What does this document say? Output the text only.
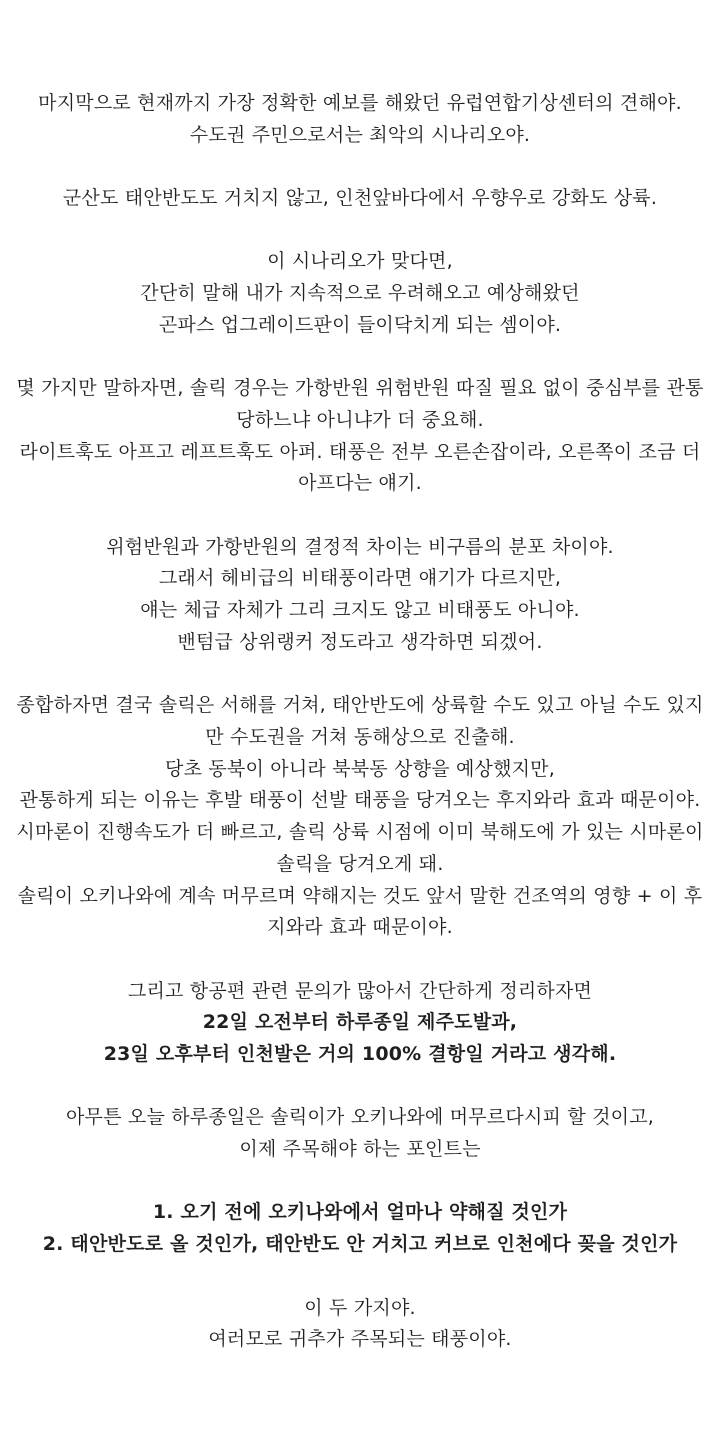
마지막으로 현재까지 가장 정확한 예보를 해왔던 유럽연합기상센터의 견해야.
수도권 주민으로서는 최악의 시나리오야.
군산도 태안반도도 거치지 않고, 인천앞바다에서 우향우로 강화도 상륙.
이 시나리오가 맞다면,
간단히 말해 내가 지속적으로 우려해오고 예상해왔던
곤파스 업그레이드판이 들이닥치게 되는 셈이야.
몇 가지만 말하자면, 솔릭 경우는 가항반원 위험반원 따질 필요 없이 중심부를 관통당하느냐 아니냐가 더 중요해.
라이트훅도 아프고 레프트훅도 아퍼. 태풍은 전부 오른손잡이라, 오른쪽이 조금 더 아프다는 얘기.
위험반원과 가항반원의 결정적 차이는 비구름의 분포 차이야.
그래서 헤비급의 비태풍이라면 얘기가 다르지만,
얘는 체급 자체가 그리 크지도 않고 비태풍도 아니야.
밴텀급 상위랭커 정도라고 생각하면 되겠어.
종합하자면 결국 솔릭은 서해를 거쳐, 태안반도에 상륙할 수도 있고 아닐 수도 있지만 수도권을 거쳐 동해상으로 진출해.
당초 동북이 아니라 북북동 상향을 예상했지만,
관통하게 되는 이유는 후발 태풍이 선발 태풍을 당겨오는 후지와라 효과 때문이야.
시마론이 진행속도가 더 빠르고, 솔릭 상륙 시점에 이미 북해도에 가 있는 시마론이 솔릭을 당겨오게 돼.
솔릭이 오키나와에 계속 머무르며 약해지는 것도 앞서 말한 건조역의 영향 + 이 후지와라 효과 때문이야.
그리고 항공편 관련 문의가 많아서 간단하게 정리하자면
22일 오전부터 하루종일 제주도발과,
23일 오후부터 인천발은 거의 100% 결항일 거라고 생각해.
아무튼 오늘 하루종일은 솔릭이가 오키나와에 머무르다시피 할 것이고,
이제 주목해야 하는 포인트는
1. 오기 전에 오키나와에서 얼마나 약해질 것인가
2. 태안반도로 올 것인가, 태안반도 안 거치고 커브로 인천에다 꽂을 것인가
이 두 가지야.
여러모로 귀추가 주목되는 태풍이야.
